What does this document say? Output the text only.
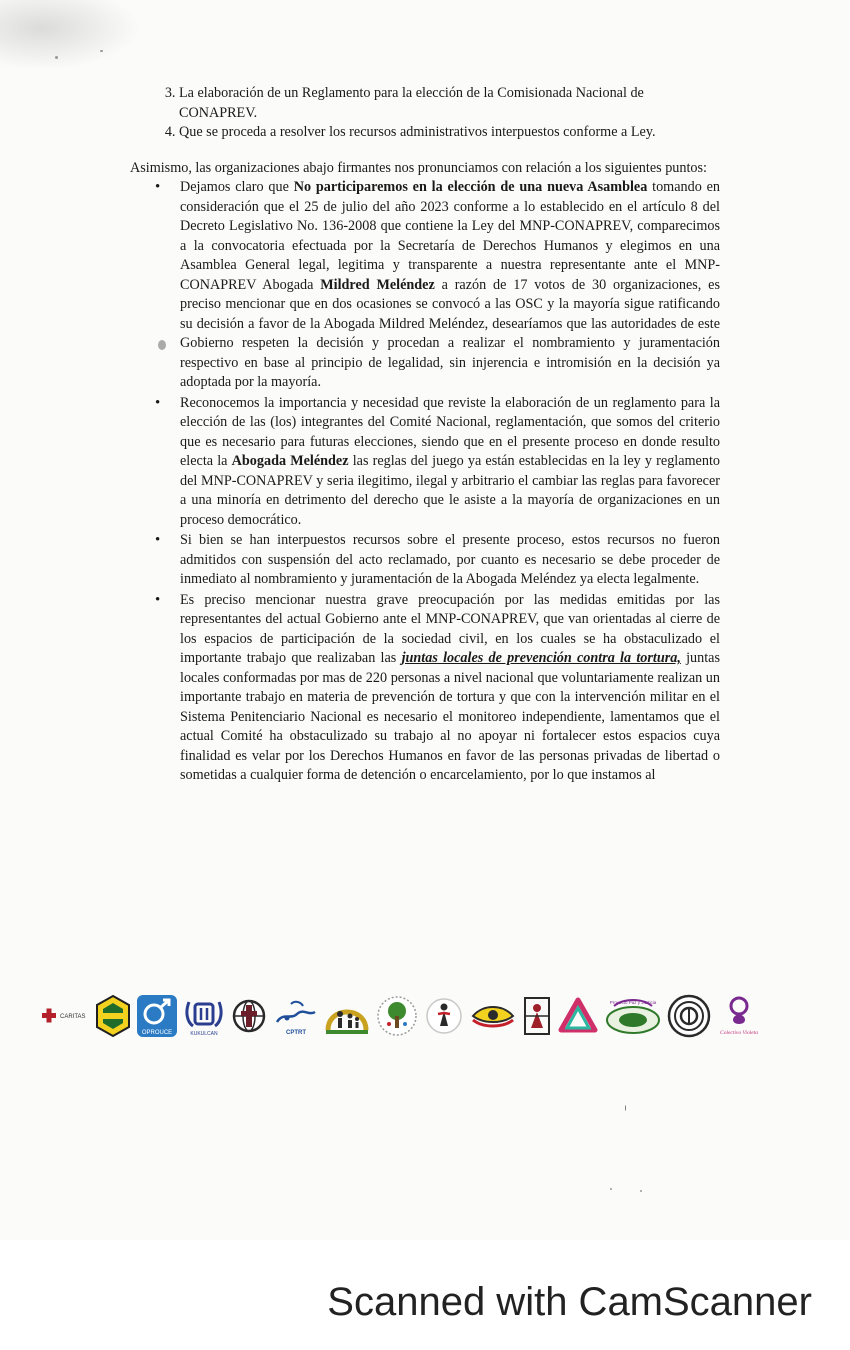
3. La elaboración de un Reglamento para la elección de la Comisionada Nacional de CONAPREV.
4. Que se proceda a resolver los recursos administrativos interpuestos conforme a Ley.

Asimismo, las organizaciones abajo firmantes nos pronunciamos con relación a los siguientes puntos:

• Dejamos claro que No participaremos en la elección de una nueva Asamblea tomando en consideración que el 25 de julio del año 2023 conforme a lo establecido en el artículo 8 del Decreto Legislativo No. 136-2008 que contiene la Ley del MNP-CONAPREV, comparecimos a la convocatoria efectuada por la Secretaría de Derechos Humanos y elegimos en una Asamblea General legal, legitima y transparente a nuestra representante ante el MNP-CONAPREV Abogada Mildred Meléndez a razón de 17 votos de 30 organizaciones, es preciso mencionar que en dos ocasiones se convocó a las OSC y la mayoría sigue ratificando su decisión a favor de la Abogada Mildred Meléndez, desearíamos que las autoridades de este Gobierno respeten la decisión y procedan a realizar el nombramiento y juramentación respectivo en base al principio de legalidad, sin injerencia e intromisión en la decisión ya adoptada por la mayoría.
• Reconocemos la importancia y necesidad que reviste la elaboración de un reglamento para la elección de las (los) integrantes del Comité Nacional, reglamentación, que somos del criterio que es necesario para futuras elecciones, siendo que en el presente proceso en donde resulto electa la Abogada Meléndez las reglas del juego ya están establecidas en la ley y reglamento del MNP-CONAPREV y seria ilegitimo, ilegal y arbitrario el cambiar las reglas para favorecer a una minoría en detrimento del derecho que le asiste a la mayoría de organizaciones en un proceso democrático.
• Si bien se han interpuestos recursos sobre el presente proceso, estos recursos no fueron admitidos con suspensión del acto reclamado, por cuanto es necesario se debe proceder de inmediato al nombramiento y juramentación de la Abogada Meléndez ya electa legalmente.
• Es preciso mencionar nuestra grave preocupación por las medidas emitidas por las representantes del actual Gobierno ante el MNP-CONAPREV, que van orientadas al cierre de los espacios de participación de la sociedad civil, en los cuales se ha obstaculizado el importante trabajo que realizaban las juntas locales de prevención contra la tortura, juntas locales conformadas por mas de 220 personas a nivel nacional que voluntariamente realizan un importante trabajo en materia de prevención de tortura y que con la intervención militar en el Sistema Penitenciario Nacional es necesario el monitoreo independiente, lamentamos que el actual Comité ha obstaculizado su trabajo al no apoyar ni fortalecer estos espacios cuya finalidad es velar por los Derechos Humanos en favor de las personas privadas de libertad o sometidas a cualquier forma de detención o encarcelamiento, por lo que instamos al
CARITAS
OPROUCE	KUKULCAN	CPTRT
Proyecto Paz y Justicia
Colectivo Violeta
Scanned with CamScanner
